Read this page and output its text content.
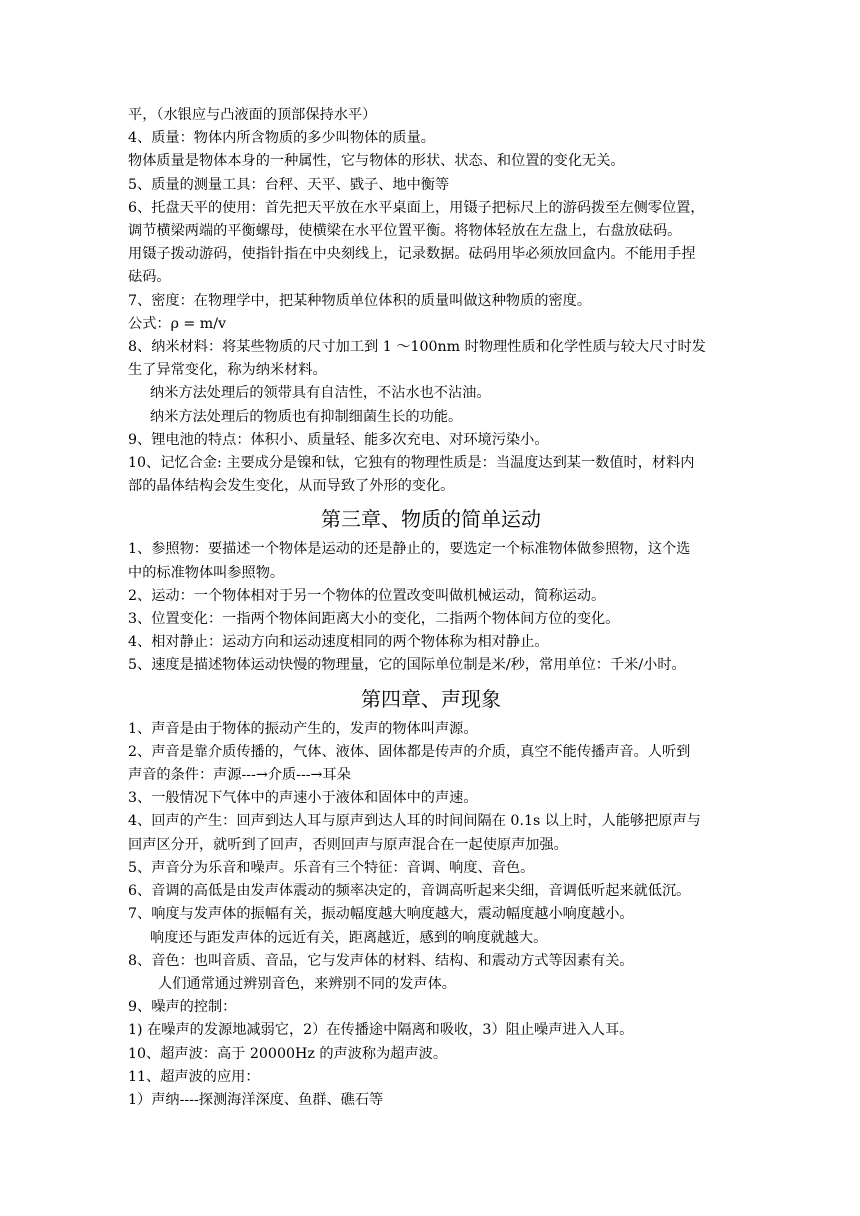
平，（水银应与凸液面的顶部保持水平）
4、质量：物体内所含物质的多少叫物体的质量。
物体质量是物体本身的一种属性，它与物体的形状、状态、和位置的变化无关。
5、质量的测量工具：台秤、天平、戥子、地中衡等
6、托盘天平的使用：首先把天平放在水平桌面上，用镊子把标尺上的游码拨至左侧零位置，
调节横梁两端的平衡螺母，使横梁在水平位置平衡。将物体轻放在左盘上，右盘放砝码。
用镊子拨动游码，使指针指在中央刻线上，记录数据。砝码用毕必须放回盒内。不能用手捏
砝码。
7、密度：在物理学中，把某种物质单位体积的质量叫做这种物质的密度。
公式：ρ = m/v
8、纳米材料：将某些物质的尺寸加工到 1 ～100nm 时物理性质和化学性质与较大尺寸时发
生了异常变化，称为纳米材料。
纳米方法处理后的领带具有自洁性，不沾水也不沾油。
纳米方法处理后的物质也有抑制细菌生长的功能。
9、锂电池的特点：体积小、质量轻、能多次充电、对环境污染小。
10、记忆合金: 主要成分是镍和钛，它独有的物理性质是：当温度达到某一数值时，材料内
部的晶体结构会发生变化，从而导致了外形的变化。
第三章、物质的简单运动
1、参照物：要描述一个物体是运动的还是静止的，要选定一个标准物体做参照物，这个选
中的标准物体叫参照物。
2、运动：一个物体相对于另一个物体的位置改变叫做机械运动，简称运动。
3、位置变化：一指两个物体间距离大小的变化，二指两个物体间方位的变化。
4、相对静止：运动方向和运动速度相同的两个物体称为相对静止。
5、速度是描述物体运动快慢的物理量，它的国际单位制是米/秒，常用单位：千米/小时。
第四章、声现象
1、声音是由于物体的振动产生的，发声的物体叫声源。
2、声音是靠介质传播的，气体、液体、固体都是传声的介质，真空不能传播声音。人听到
声音的条件：声源---→介质---→耳朵
3、一般情况下气体中的声速小于液体和固体中的声速。
4、回声的产生：回声到达人耳与原声到达人耳的时间间隔在 0.1s 以上时，人能够把原声与
回声区分开，就听到了回声，否则回声与原声混合在一起使原声加强。
5、声音分为乐音和噪声。乐音有三个特征：音调、响度、音色。
6、音调的高低是由发声体震动的频率决定的，音调高听起来尖细，音调低听起来就低沉。
7、响度与发声体的振幅有关，振动幅度越大响度越大，震动幅度越小响度越小。
响度还与距发声体的远近有关，距离越近，感到的响度就越大。
8、音色：也叫音质、音品，它与发声体的材料、结构、和震动方式等因素有关。
人们通常通过辨别音色，来辨别不同的发声体。
9、噪声的控制：
1) 在噪声的发源地减弱它，2）在传播途中隔离和吸收，3）阻止噪声进入人耳。
10、超声波：高于 20000Hz 的声波称为超声波。
11、超声波的应用：
1）声纳----探测海洋深度、鱼群、礁石等
